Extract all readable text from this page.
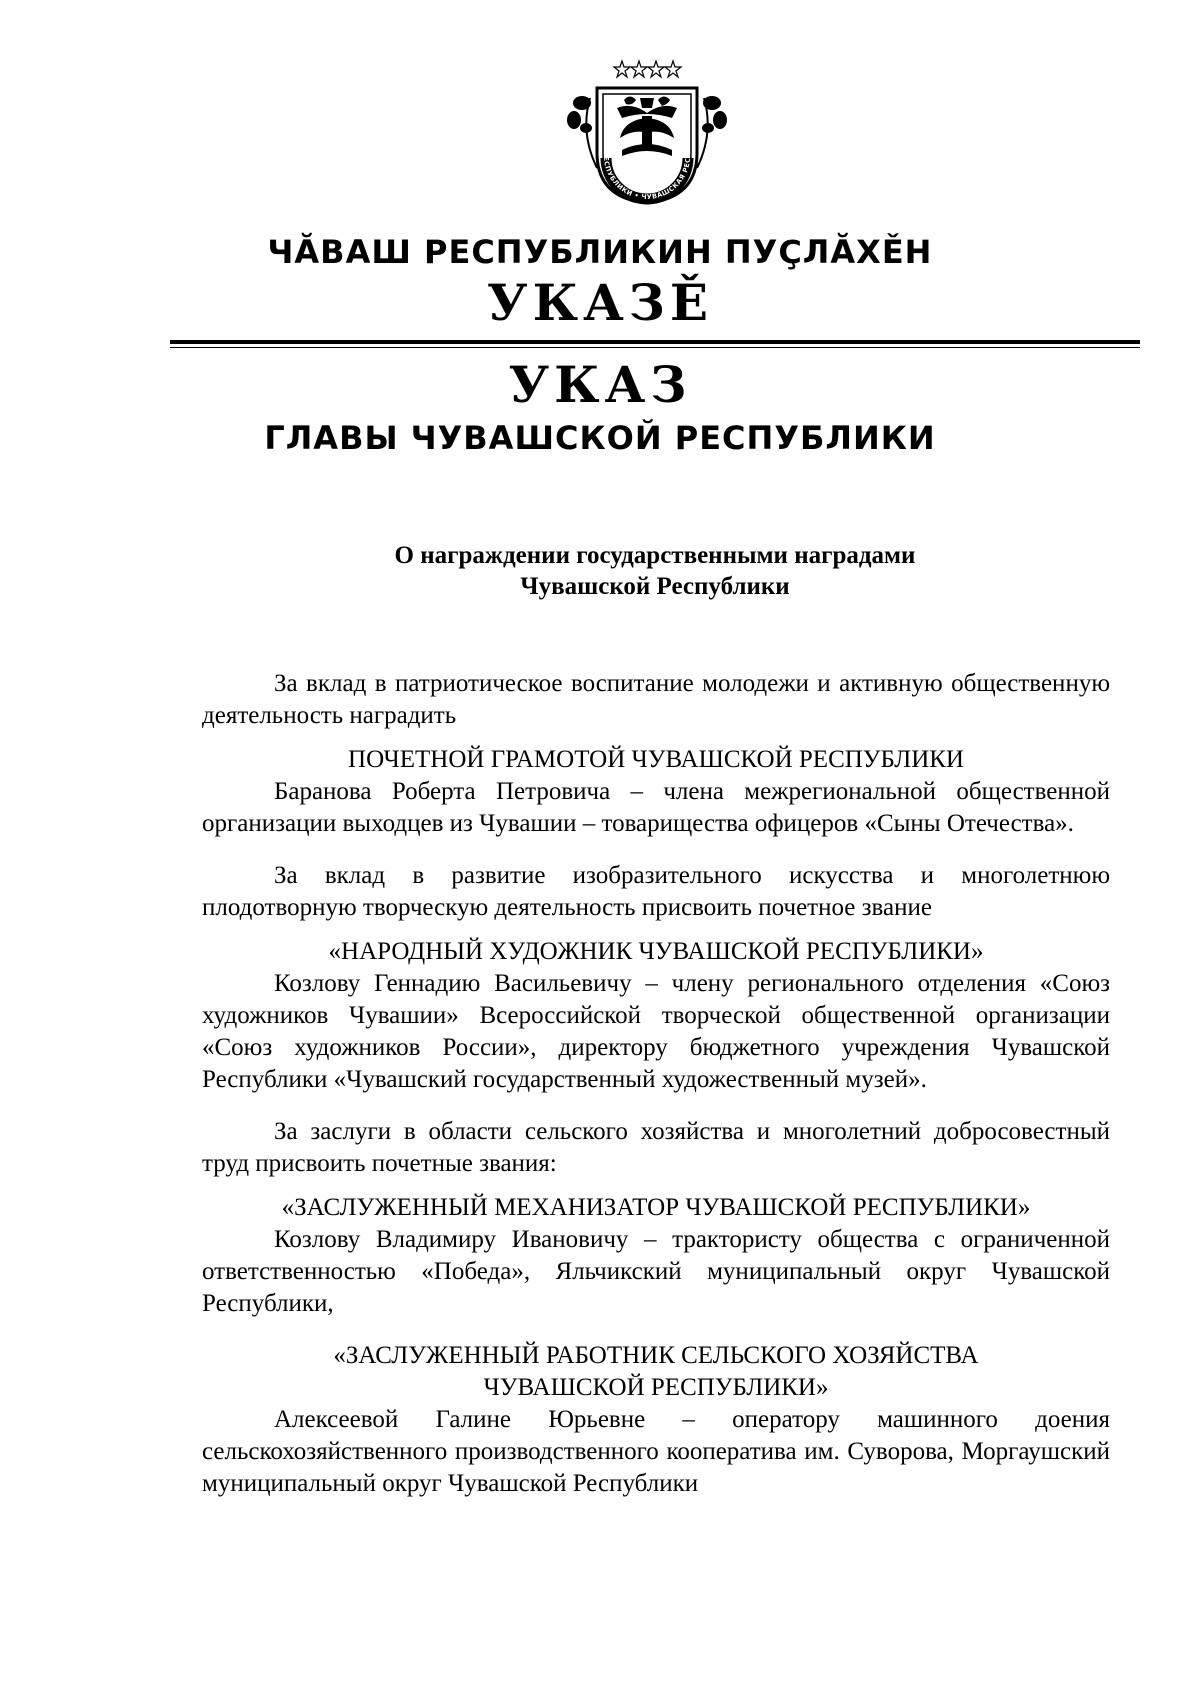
ЕСПУБЛИКИ • ЧУВАШСКАЯ РЕС
ЧĂВАШ РЕСПУБЛИКИН ПУÇЛĂХĚН
УКАЗĚ
УКАЗ
ГЛАВЫ ЧУВАШСКОЙ РЕСПУБЛИКИ
О награждении государственными наградами
Чувашской Республики

За вклад в патриотическое воспитание молодежи и активную общественную деятельность наградить

ПОЧЕТНОЙ ГРАМОТОЙ ЧУВАШСКОЙ РЕСПУБЛИКИ

Баранова Роберта Петровича – члена межрегиональной общественной организации выходцев из Чувашии – товарищества офицеров «Сыны Отечества».

За вклад в развитие изобразительного искусства и многолетнюю плодотворную творческую деятельность присвоить почетное звание

«НАРОДНЫЙ ХУДОЖНИК ЧУВАШСКОЙ РЕСПУБЛИКИ»

Козлову Геннадию Васильевичу – члену регионального отделения «Союз художников Чувашии» Всероссийской творческой общественной организации «Союз художников России», директору бюджетного учреждения Чувашской Республики «Чувашский государственный художественный музей».

За заслуги в области сельского хозяйства и многолетний добросовестный труд присвоить почетные звания:

«ЗАСЛУЖЕННЫЙ МЕХАНИЗАТОР ЧУВАШСКОЙ РЕСПУБЛИКИ»

Козлову Владимиру Ивановичу – трактористу общества с ограниченной ответственностью «Победа», Яльчикский муниципальный округ Чувашской Республики,

«ЗАСЛУЖЕННЫЙ РАБОТНИК СЕЛЬСКОГО ХОЗЯЙСТВА

ЧУВАШСКОЙ РЕСПУБЛИКИ»

Алексеевой Галине Юрьевне – оператору машинного доения сельскохозяйственного производственного кооператива им. Суворова, Моргаушский муниципальный округ Чувашской Республики
